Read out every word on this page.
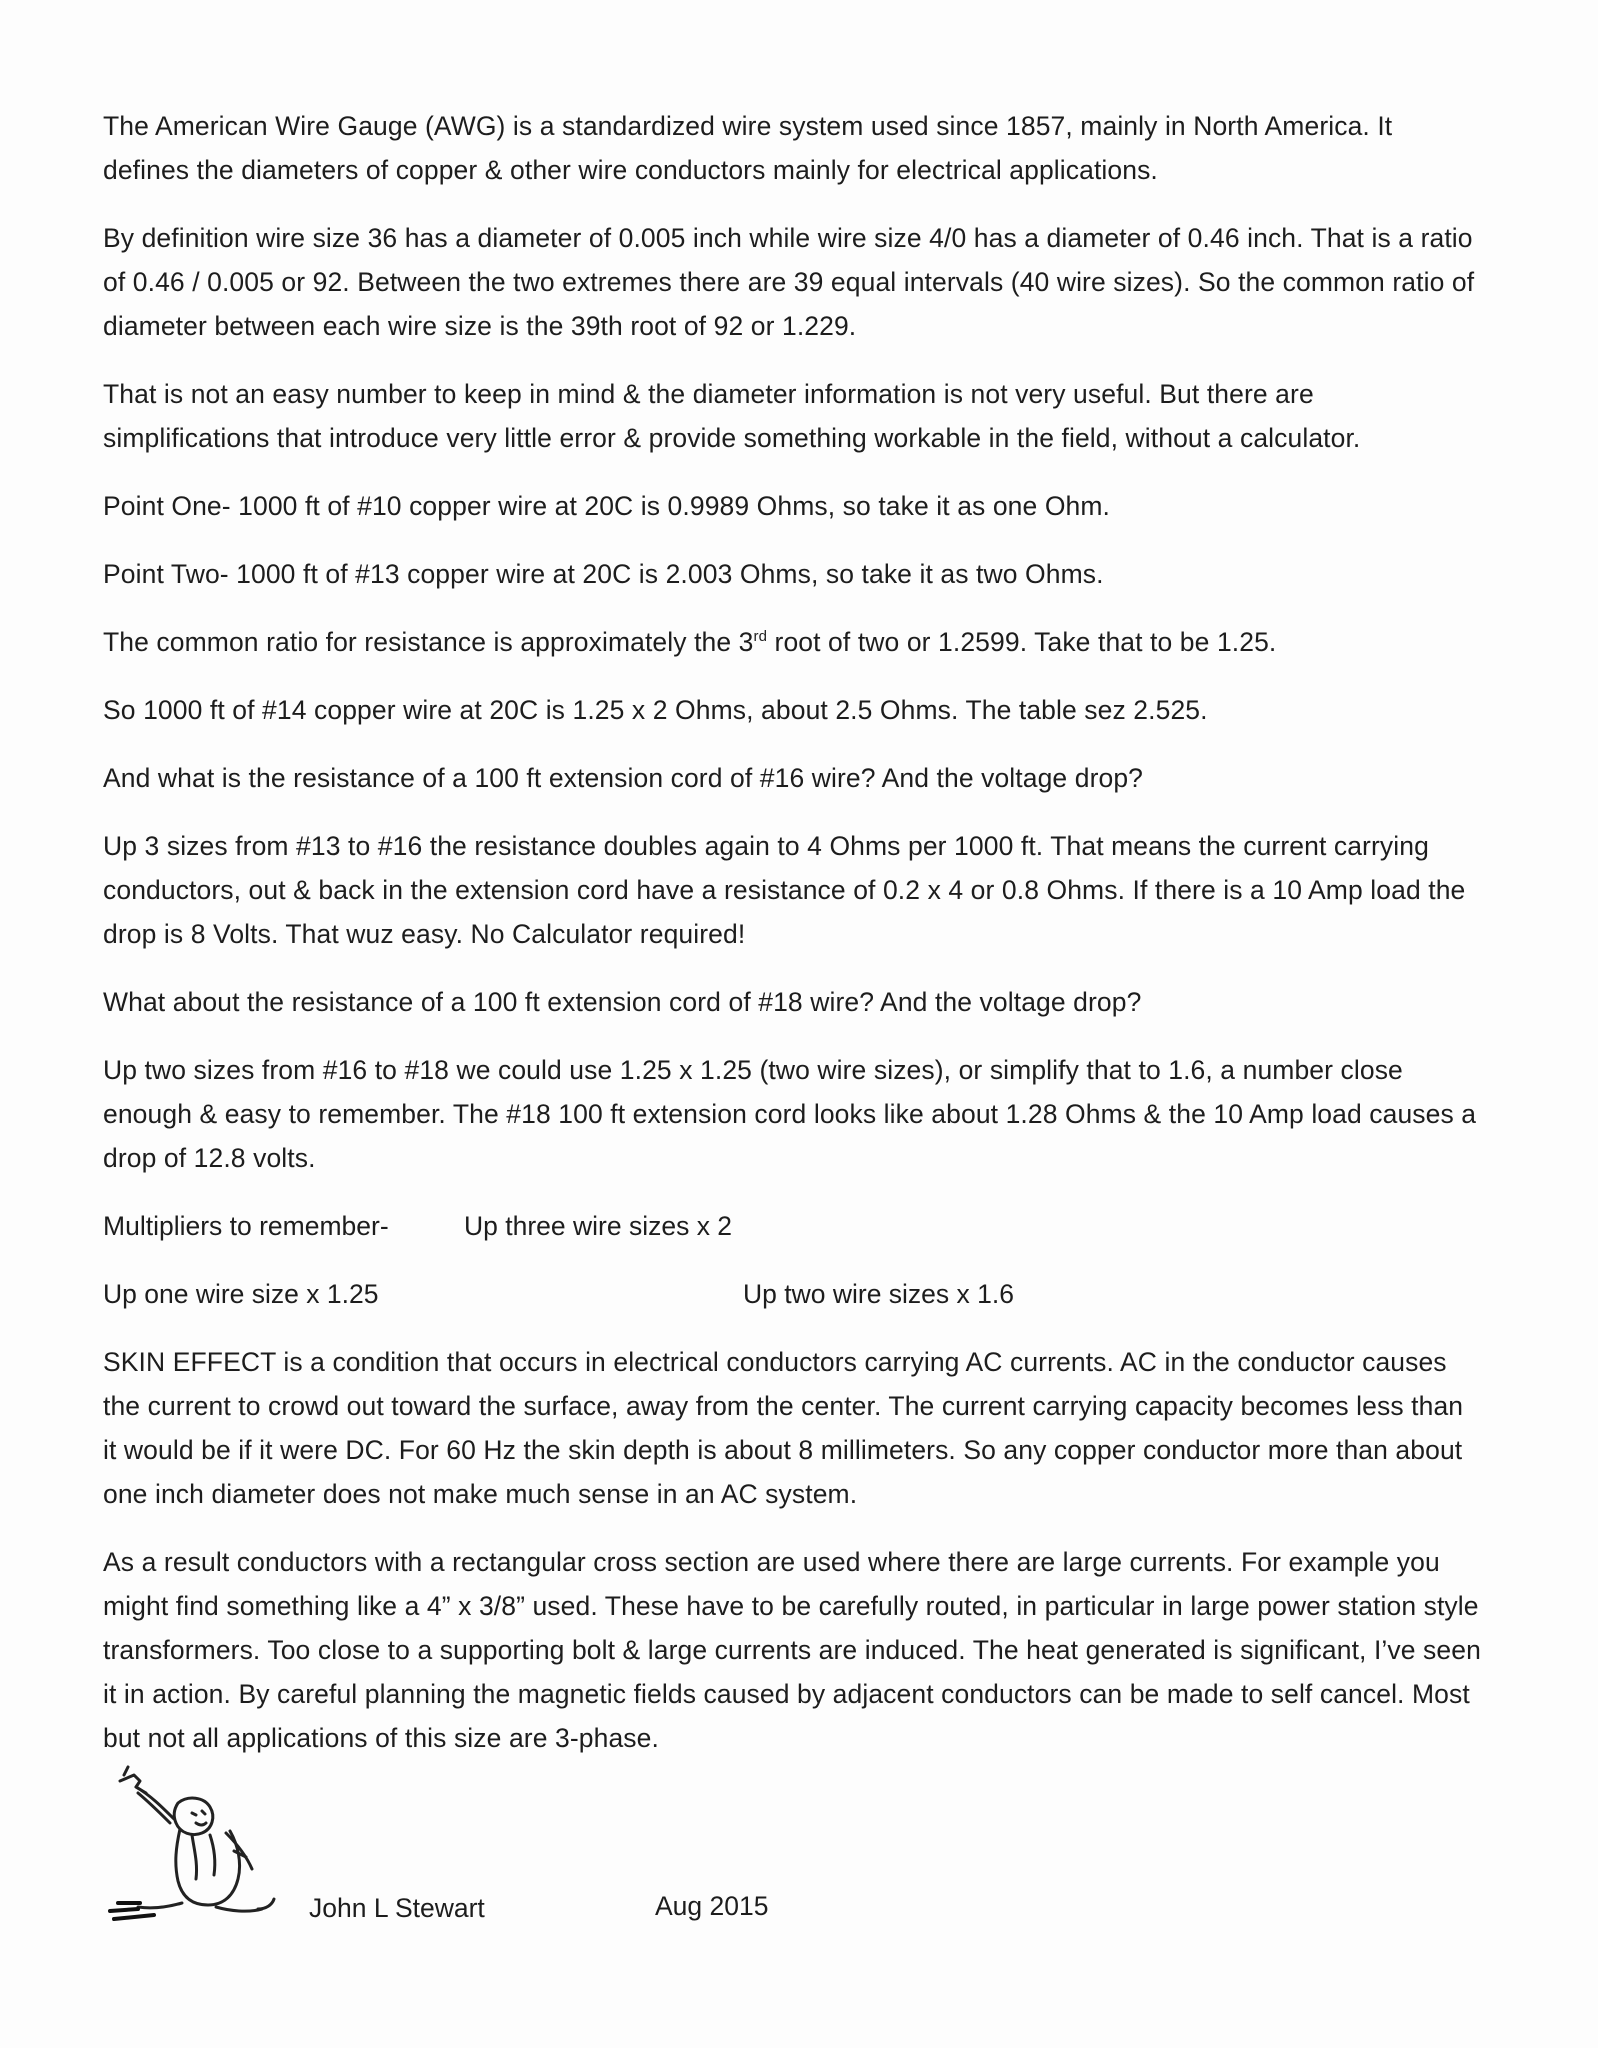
The American Wire Gauge (AWG) is a standardized wire system used since 1857, mainly in North America. It defines the diameters of copper & other wire conductors mainly for electrical applications.

By definition wire size 36 has a diameter of 0.005 inch while wire size 4/0 has a diameter of 0.46 inch. That is a ratio of 0.46 / 0.005 or 92. Between the two extremes there are 39 equal intervals (40 wire sizes). So the common ratio of diameter between each wire size is the 39th root of 92 or 1.229.

That is not an easy number to keep in mind & the diameter information is not very useful. But there are simplifications that introduce very little error & provide something workable in the field, without a calculator.

Point One- 1000 ft of #10 copper wire at 20C is 0.9989 Ohms, so take it as one Ohm.

Point Two- 1000 ft of #13 copper wire at 20C is 2.003 Ohms, so take it as two Ohms.

The common ratio for resistance is approximately the 3rd root of two or 1.2599. Take that to be 1.25.

So 1000 ft of #14 copper wire at 20C is 1.25 x 2 Ohms, about 2.5 Ohms. The table sez 2.525.

And what is the resistance of a 100 ft extension cord of #16 wire? And the voltage drop?

Up 3 sizes from #13 to #16 the resistance doubles again to 4 Ohms per 1000 ft. That means the current carrying conductors, out & back in the extension cord have a resistance of 0.2 x 4 or 0.8 Ohms. If there is a 10 Amp load the drop is 8 Volts. That wuz easy. No Calculator required!

What about the resistance of a 100 ft extension cord of #18 wire? And the voltage drop?

Up two sizes from #16 to #18 we could use 1.25 x 1.25 (two wire sizes), or simplify that to 1.6, a number close enough & easy to remember. The #18 100 ft extension cord looks like about 1.28 Ohms & the 10 Amp load causes a drop of 12.8 volts.

Multipliers to remember-	Up three wire sizes x 2
Up one wire size x 1.25	Up two wire sizes x 1.6

SKIN EFFECT is a condition that occurs in electrical conductors carrying AC currents. AC in the conductor causes the current to crowd out toward the surface, away from the center. The current carrying capacity becomes less than it would be if it were DC. For 60 Hz the skin depth is about 8 millimeters. So any copper conductor more than about one inch diameter does not make much sense in an AC system.

As a result conductors with a rectangular cross section are used where there are large currents. For example you might find something like a 4” x 3/8” used. These have to be carefully routed, in particular in large power station style transformers. Too close to a supporting bolt & large currents are induced. The heat generated is significant, I’ve seen it in action. By careful planning the magnetic fields caused by adjacent conductors can be made to self cancel. Most but not all applications of this size are 3-phase.

John L Stewart	Aug 2015
